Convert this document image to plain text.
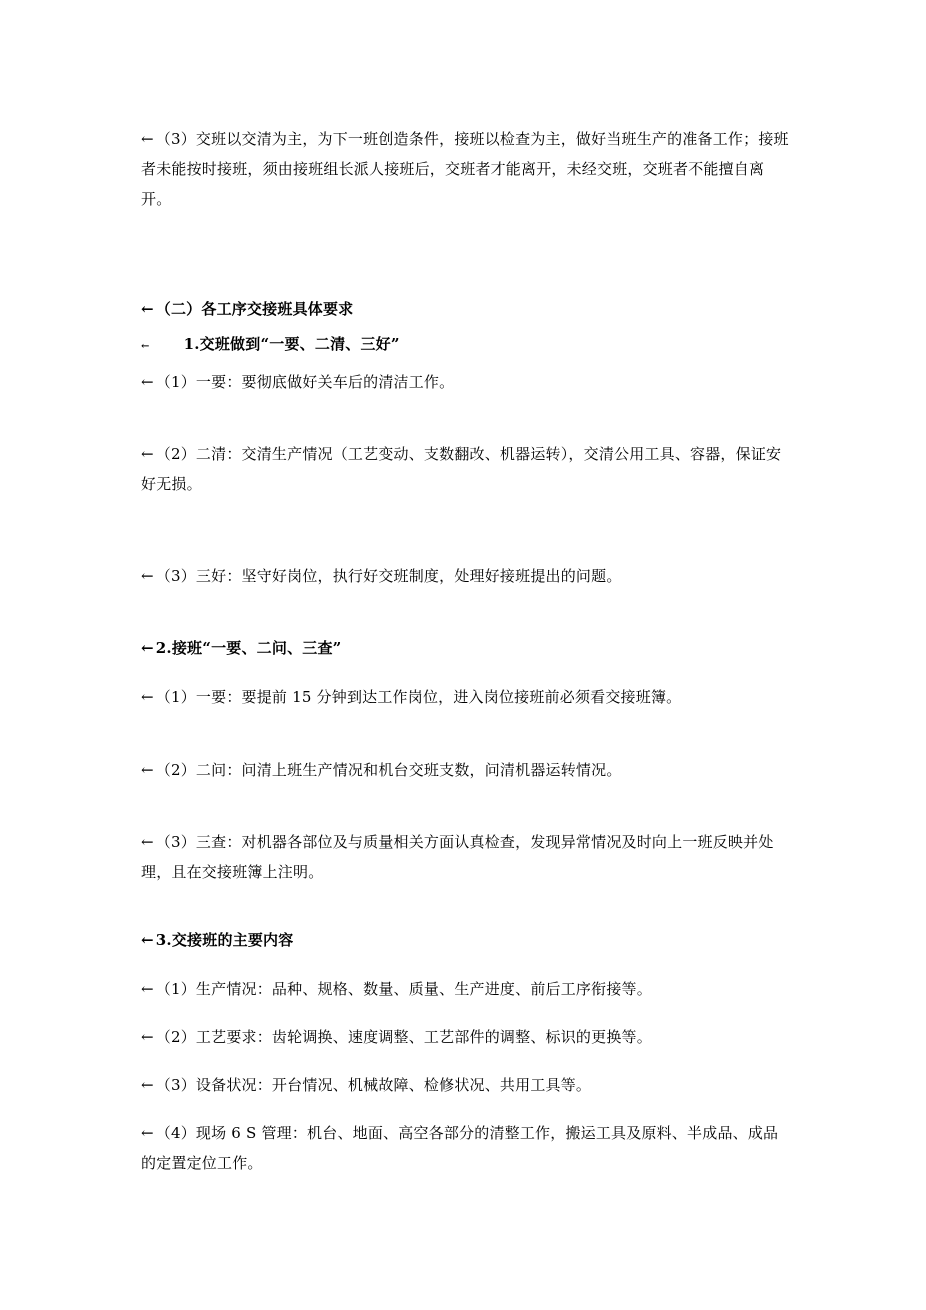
← （3）交班以交清为主，为下一班创造条件，接班以检查为主，做好当班生产的准备工作；接班者未能按时接班，须由接班组长派人接班后，交班者才能离开，未经交班，交班者不能擅自离开。
← （二）各工序交接班具体要求
← 1.交班做到“一要、二清、三好”
← （1）一要：要彻底做好关车后的清洁工作。
← （2）二清：交清生产情况（工艺变动、支数翻改、机器运转），交清公用工具、容器，保证安好无损。
← （3）三好：坚守好岗位，执行好交班制度，处理好接班提出的问题。
← 2.接班“一要、二问、三查”
← （1）一要：要提前 15 分钟到达工作岗位，进入岗位接班前必须看交接班簿。
← （2）二问：问清上班生产情况和机台交班支数，问清机器运转情况。
← （3）三查：对机器各部位及与质量相关方面认真检查，发现异常情况及时向上一班反映并处理，且在交接班簿上注明。
← 3.交接班的主要内容
← （1）生产情况：品种、规格、数量、质量、生产进度、前后工序衔接等。
← （2）工艺要求：齿轮调换、速度调整、工艺部件的调整、标识的更换等。
← （3）设备状况：开台情况、机械故障、检修状况、共用工具等。
← （4）现场 6 S 管理：机台、地面、高空各部分的清整工作，搬运工具及原料、半成品、成品的定置定位工作。
